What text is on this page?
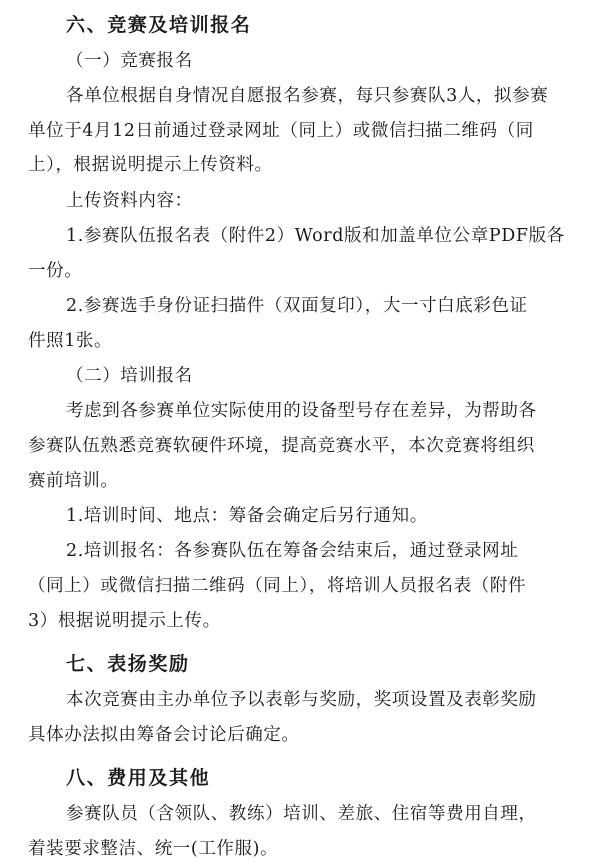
六、竞赛及培训报名
（一）竞赛报名
各单位根据自身情况自愿报名参赛，每只参赛队3人，拟参赛
单位于4月12日前通过登录网址（同上）或微信扫描二维码（同
上），根据说明提示上传资料。
上传资料内容：
1.参赛队伍报名表（附件2）Word版和加盖单位公章PDF版各
一份。
2.参赛选手身份证扫描件（双面复印），大一寸白底彩色证
件照1张。
（二）培训报名
考虑到各参赛单位实际使用的设备型号存在差异，为帮助各
参赛队伍熟悉竞赛软硬件环境，提高竞赛水平，本次竞赛将组织
赛前培训。
1.培训时间、地点：筹备会确定后另行通知。
2.培训报名：各参赛队伍在筹备会结束后，通过登录网址
（同上）或微信扫描二维码（同上），将培训人员报名表（附件
3）根据说明提示上传。
七、表扬奖励
本次竞赛由主办单位予以表彰与奖励，奖项设置及表彰奖励
具体办法拟由筹备会讨论后确定。
八、费用及其他
参赛队员（含领队、教练）培训、差旅、住宿等费用自理，
着装要求整洁、统一(工作服)。
